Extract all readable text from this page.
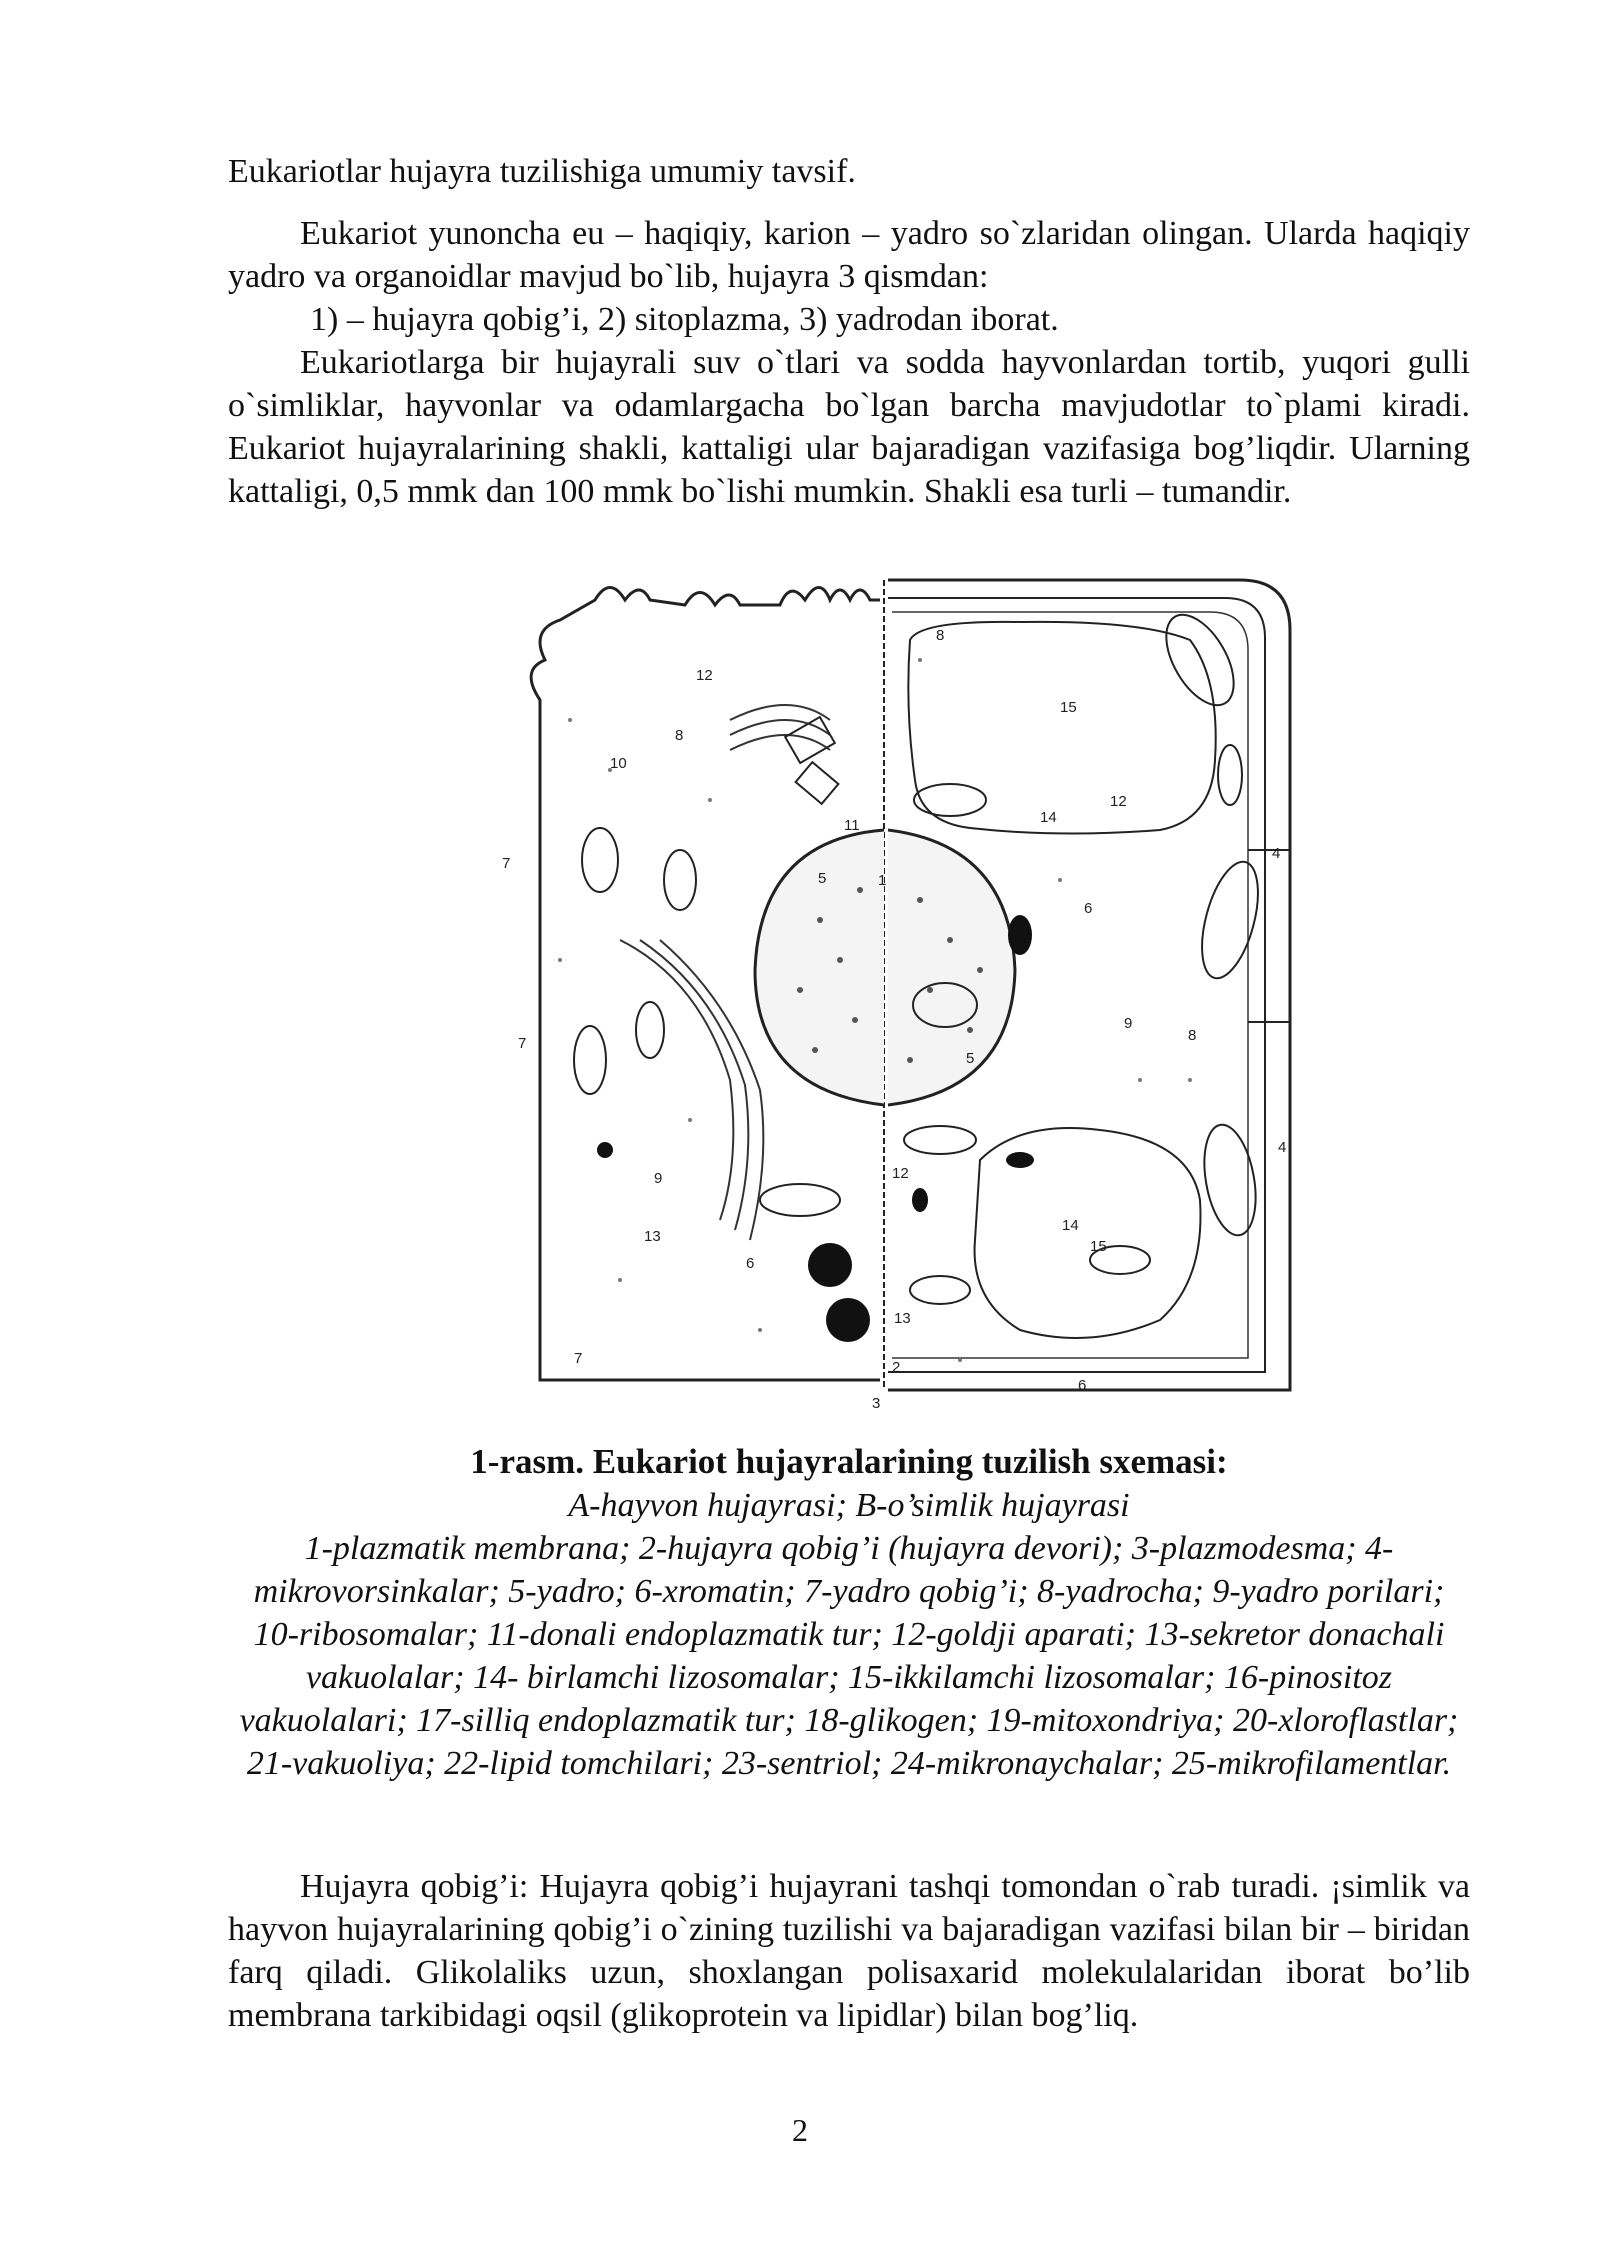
Eukariotlar hujayra tuzilishiga umumiy tavsif.

Eukariot yunoncha eu – haqiqiy, karion – yadro so`zlaridan olingan. Ularda haqiqiy yadro va organoidlar mavjud bo`lib, hujayra 3 qismdan:

1) – hujayra qobig’i, 2) sitoplazma, 3) yadrodan iborat.

Eukariotlarga bir hujayrali suv o`tlari va sodda hayvonlardan tortib, yuqori gulli o`simliklar, hayvonlar va odamlargacha bo`lgan barcha mavjudotlar to`plami kiradi. Eukariot hujayralarining shakli, kattaligi ular bajaradigan vazifasiga bog’liqdir. Ularning kattaligi, 0,5 mmk dan 100 mmk bo`lishi mumkin. Shakli esa turli – tumandir.

1
2
3
4
4
5
5
6
6
6
7
7
7
8
8
8
9
9
10
11
12
12
12
13
13
14
14
15
15
1-rasm. Eukariot hujayralarining tuzilish sxemasi:
A-hayvon hujayrasi; B-o’simlik hujayrasi
1-plazmatik membrana; 2-hujayra qobig’i (hujayra devori); 3-plazmodesma; 4-mikrovorsinkalar; 5-yadro; 6-xromatin; 7-yadro qobig’i; 8-yadrocha; 9-yadro porilari; 10-ribosomalar; 11-donali endoplazmatik tur; 12-goldji aparati; 13-sekretor donachali vakuolalar; 14- birlamchi lizosomalar; 15-ikkilamchi lizosomalar; 16-pinositoz vakuolalari; 17-silliq endoplazmatik tur; 18-glikogen; 19-mitoxondriya; 20-xloroflastlar; 21-vakuoliya; 22-lipid tomchilari; 23-sentriol; 24-mikronaychalar; 25-mikrofilamentlar.

Hujayra qobig’i: Hujayra qobig’i hujayrani tashqi tomondan o`rab turadi. ¡simlik va hayvon hujayralarining qobig’i o`zining tuzilishi va bajaradigan vazifasi bilan bir – biridan farq qiladi. Glikolaliks uzun, shoxlangan polisaxarid molekulalaridan iborat bo’lib membrana tarkibidagi oqsil (glikoprotein va lipidlar) bilan bog’liq.

2
